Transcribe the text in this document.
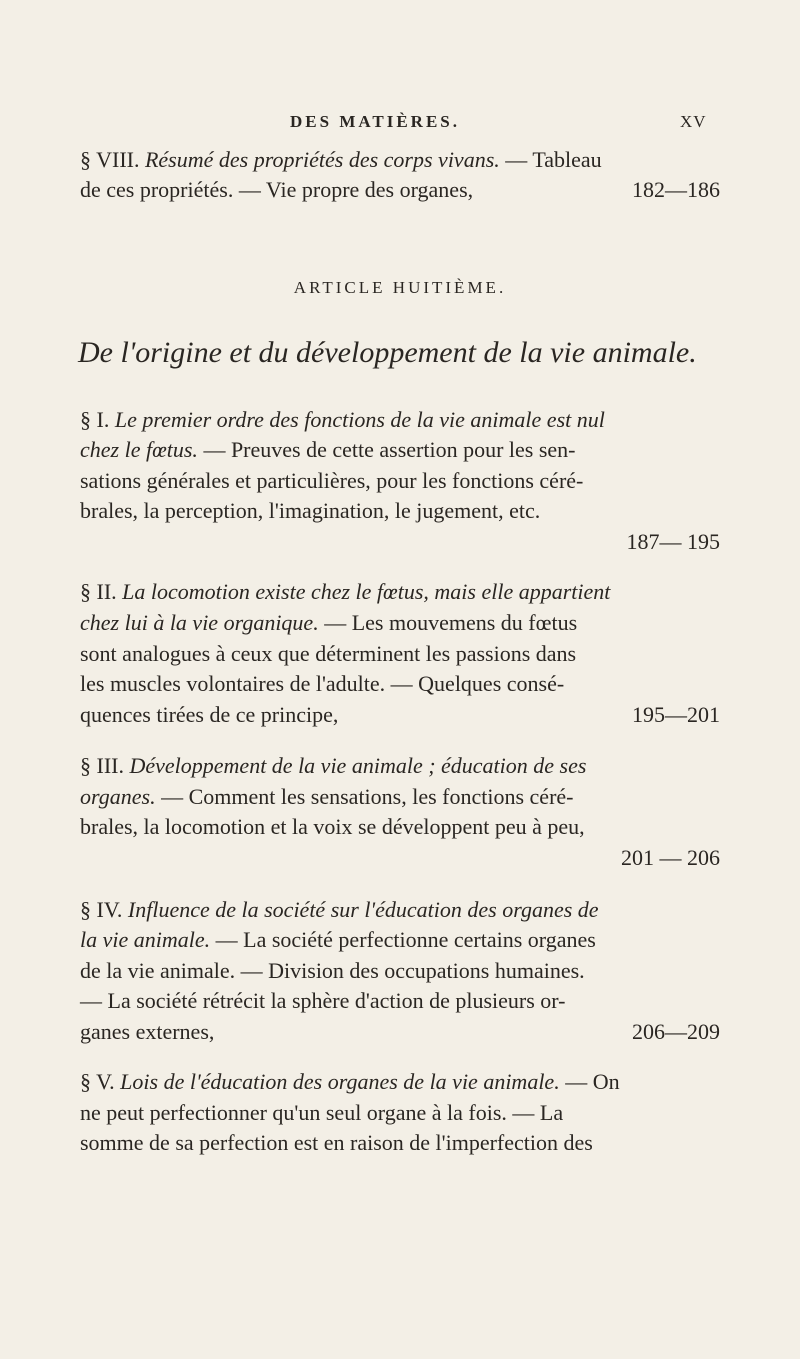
DES MATIÈRES.	XV
§ VIII. Résumé des propriétés des corps vivans. — Tableau
de ces propriétés. — Vie propre des organes,	182—186
ARTICLE HUITIÈME.
De l'origine et du développement de la vie animale.
§ I. Le premier ordre des fonctions de la vie animale est nul
chez le fœtus. — Preuves de cette assertion pour les sen-
sations générales et particulières, pour les fonctions céré-
brales, la perception, l'imagination, le jugement, etc.
187— 195
§ II. La locomotion existe chez le fœtus, mais elle appartient
chez lui à la vie organique. — Les mouvemens du fœtus
sont analogues à ceux que déterminent les passions dans
les muscles volontaires de l'adulte. — Quelques consé-
quences tirées de ce principe,	195—201
§ III. Développement de la vie animale ; éducation de ses
organes. — Comment les sensations, les fonctions céré-
brales, la locomotion et la voix se développent peu à peu,
201 — 206
§ IV. Influence de la société sur l'éducation des organes de
la vie animale. — La société perfectionne certains organes
de la vie animale. — Division des occupations humaines.
— La société rétrécit la sphère d'action de plusieurs or-
ganes externes,	206—209
§ V. Lois de l'éducation des organes de la vie animale. — On
ne peut perfectionner qu'un seul organe à la fois. — La
somme de sa perfection est en raison de l'imperfection des
